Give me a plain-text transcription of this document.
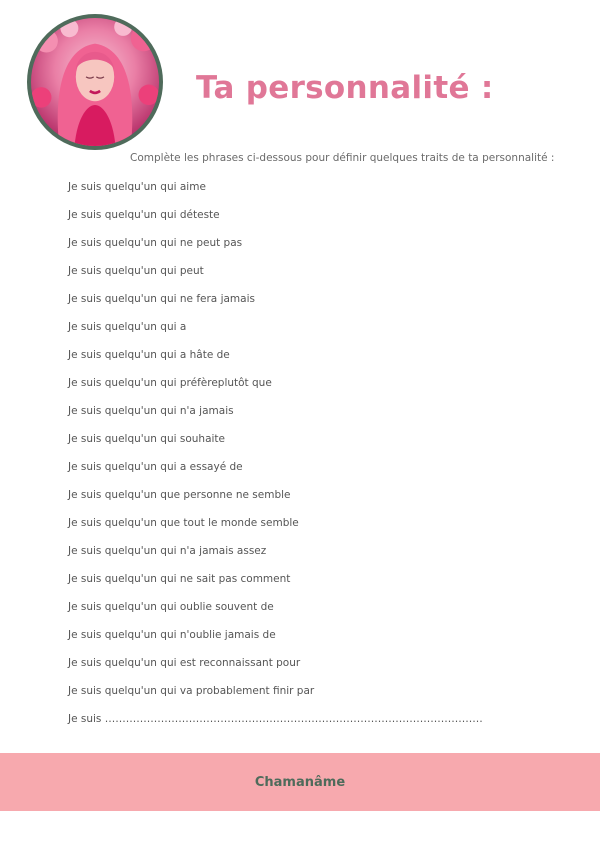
Ta personnalité :
Complète les phrases ci-dessous pour définir quelques traits de ta personnalité :
Je suis quelqu'un qui aime
Je suis quelqu'un qui déteste
Je suis quelqu'un qui ne peut pas
Je suis quelqu'un qui peut
Je suis quelqu'un qui ne fera jamais
Je suis quelqu'un qui a
Je suis quelqu'un qui a hâte de
Je suis quelqu'un qui préfèreplutôt que
Je suis quelqu'un qui n'a jamais
Je suis quelqu'un qui souhaite
Je suis quelqu'un qui a essayé de
Je suis quelqu'un que personne ne semble
Je suis quelqu'un que tout le monde semble
Je suis quelqu'un qui n'a jamais assez
Je suis quelqu'un qui ne sait pas comment
Je suis quelqu'un qui oublie souvent de
Je suis quelqu'un qui n'oublie jamais de
Je suis quelqu'un qui est reconnaissant pour
Je suis quelqu'un qui va probablement finir par
Je suis ………………………………………………………………………………………………
Chamanâme
